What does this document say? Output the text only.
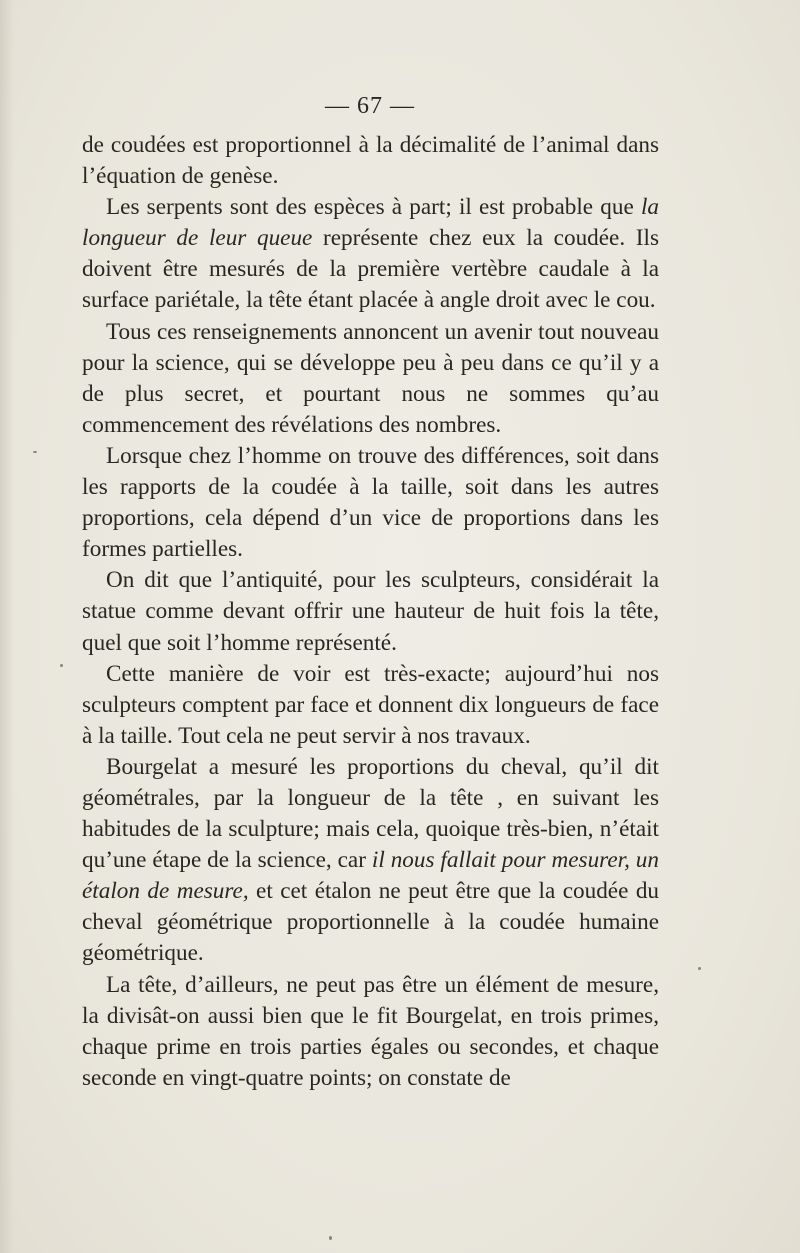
— 67 —

de coudées est proportionnel à la décimalité de l’animal dans l’équation de genèse.

Les serpents sont des espèces à part; il est probable que la longueur de leur queue représente chez eux la coudée. Ils doivent être mesurés de la première vertèbre caudale à la surface pariétale, la tête étant placée à angle droit avec le cou.

Tous ces renseignements annoncent un avenir tout nouveau pour la science, qui se développe peu à peu dans ce qu’il y a de plus secret, et pourtant nous ne sommes qu’au commencement des révélations des nombres.

Lorsque chez l’homme on trouve des différences, soit dans les rapports de la coudée à la taille, soit dans les autres proportions, cela dépend d’un vice de proportions dans les formes partielles.

On dit que l’antiquité, pour les sculpteurs, considérait la statue comme devant offrir une hauteur de huit fois la tête, quel que soit l’homme représenté.

Cette manière de voir est très-exacte; aujourd’hui nos sculpteurs comptent par face et donnent dix longueurs de face à la taille. Tout cela ne peut servir à nos travaux.

Bourgelat a mesuré les proportions du cheval, qu’il dit géométrales, par la longueur de la tête , en suivant les habitudes de la sculpture; mais cela, quoique très-bien, n’était qu’une étape de la science, car il nous fallait pour mesurer, un étalon de mesure, et cet étalon ne peut être que la coudée du cheval géométrique proportionnelle à la coudée humaine géométrique.

La tête, d’ailleurs, ne peut pas être un élément de mesure, la divisât-on aussi bien que le fit Bourgelat, en trois primes, chaque prime en trois parties égales ou secondes, et chaque seconde en vingt-quatre points; on constate de
